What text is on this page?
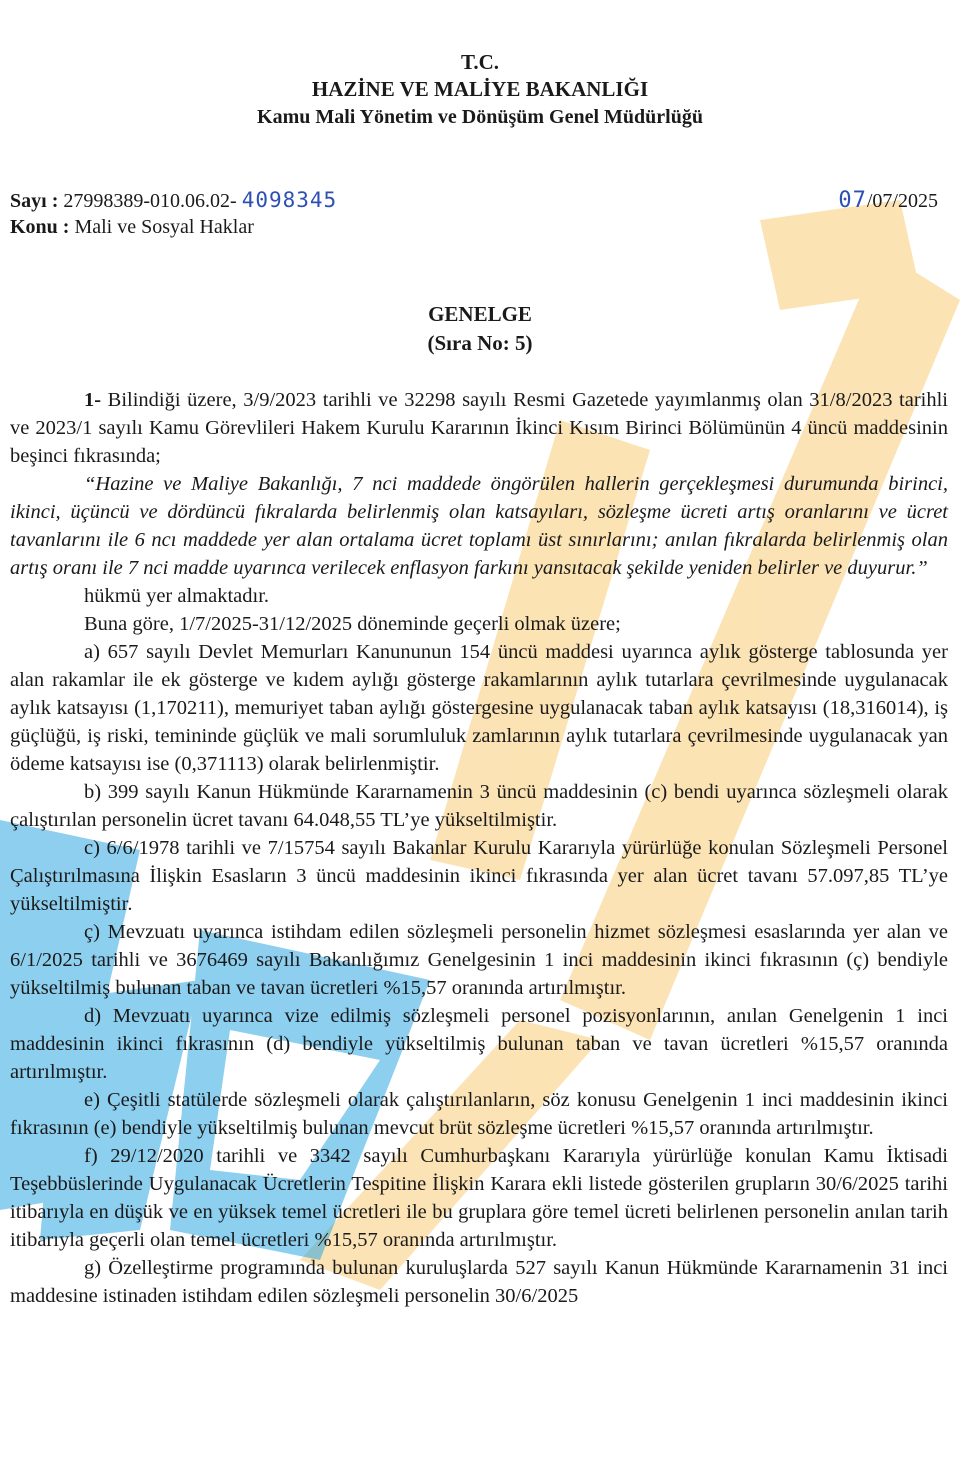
T.C.
HAZİNE VE MALİYE BAKANLIĞI
Kamu Mali Yönetim ve Dönüşüm Genel Müdürlüğü
Sayı : 27998389-010.06.02- 4098345
Konu : Mali ve Sosyal Haklar
07/07/2025
GENELGE
(Sıra No: 5)

1- Bilindiği üzere, 3/9/2023 tarihli ve 32298 sayılı Resmi Gazetede yayımlanmış olan 31/8/2023 tarihli ve 2023/1 sayılı Kamu Görevlileri Hakem Kurulu Kararının İkinci Kısım Birinci Bölümünün 4 üncü maddesinin beşinci fıkrasında;

“Hazine ve Maliye Bakanlığı, 7 nci maddede öngörülen hallerin gerçekleşmesi durumunda birinci, ikinci, üçüncü ve dördüncü fıkralarda belirlenmiş olan katsayıları, sözleşme ücreti artış oranlarını ve ücret tavanlarını ile 6 ncı maddede yer alan ortalama ücret toplamı üst sınırlarını; anılan fıkralarda belirlenmiş olan artış oranı ile 7 nci madde uyarınca verilecek enflasyon farkını yansıtacak şekilde yeniden belirler ve duyurur.”

hükmü yer almaktadır.

Buna göre, 1/7/2025-31/12/2025 döneminde geçerli olmak üzere;

a) 657 sayılı Devlet Memurları Kanununun 154 üncü maddesi uyarınca aylık gösterge tablosunda yer alan rakamlar ile ek gösterge ve kıdem aylığı gösterge rakamlarının aylık tutarlara çevrilmesinde uygulanacak aylık katsayısı (1,170211), memuriyet taban aylığı göstergesine uygulanacak taban aylık katsayısı (18,316014), iş güçlüğü, iş riski, temininde güçlük ve mali sorumluluk zamlarının aylık tutarlara çevrilmesinde uygulanacak yan ödeme katsayısı ise (0,371113) olarak belirlenmiştir.

b) 399 sayılı Kanun Hükmünde Kararnamenin 3 üncü maddesinin (c) bendi uyarınca sözleşmeli olarak çalıştırılan personelin ücret tavanı 64.048,55 TL’ye yükseltilmiştir.

c) 6/6/1978 tarihli ve 7/15754 sayılı Bakanlar Kurulu Kararıyla yürürlüğe konulan Sözleşmeli Personel Çalıştırılmasına İlişkin Esasların 3 üncü maddesinin ikinci fıkrasında yer alan ücret tavanı 57.097,85 TL’ye yükseltilmiştir.

ç) Mevzuatı uyarınca istihdam edilen sözleşmeli personelin hizmet sözleşmesi esaslarında yer alan ve 6/1/2025 tarihli ve 3676469 sayılı Bakanlığımız Genelgesinin 1 inci maddesinin ikinci fıkrasının (ç) bendiyle yükseltilmiş bulunan taban ve tavan ücretleri %15,57 oranında artırılmıştır.

d) Mevzuatı uyarınca vize edilmiş sözleşmeli personel pozisyonlarının, anılan Genelgenin 1 inci maddesinin ikinci fıkrasının (d) bendiyle yükseltilmiş bulunan taban ve tavan ücretleri %15,57 oranında artırılmıştır.

e) Çeşitli statülerde sözleşmeli olarak çalıştırılanların, söz konusu Genelgenin 1 inci maddesinin ikinci fıkrasının (e) bendiyle yükseltilmiş bulunan mevcut brüt sözleşme ücretleri %15,57 oranında artırılmıştır.

f) 29/12/2020 tarihli ve 3342 sayılı Cumhurbaşkanı Kararıyla yürürlüğe konulan Kamu İktisadi Teşebbüslerinde Uygulanacak Ücretlerin Tespitine İlişkin Karara ekli listede gösterilen grupların 30/6/2025 tarihi itibarıyla en düşük ve en yüksek temel ücretleri ile bu gruplara göre temel ücreti belirlenen personelin anılan tarih itibarıyla geçerli olan temel ücretleri %15,57 oranında artırılmıştır.

g) Özelleştirme programında bulunan kuruluşlarda 527 sayılı Kanun Hükmünde Kararnamenin 31 inci maddesine istinaden istihdam edilen sözleşmeli personelin 30/6/2025
